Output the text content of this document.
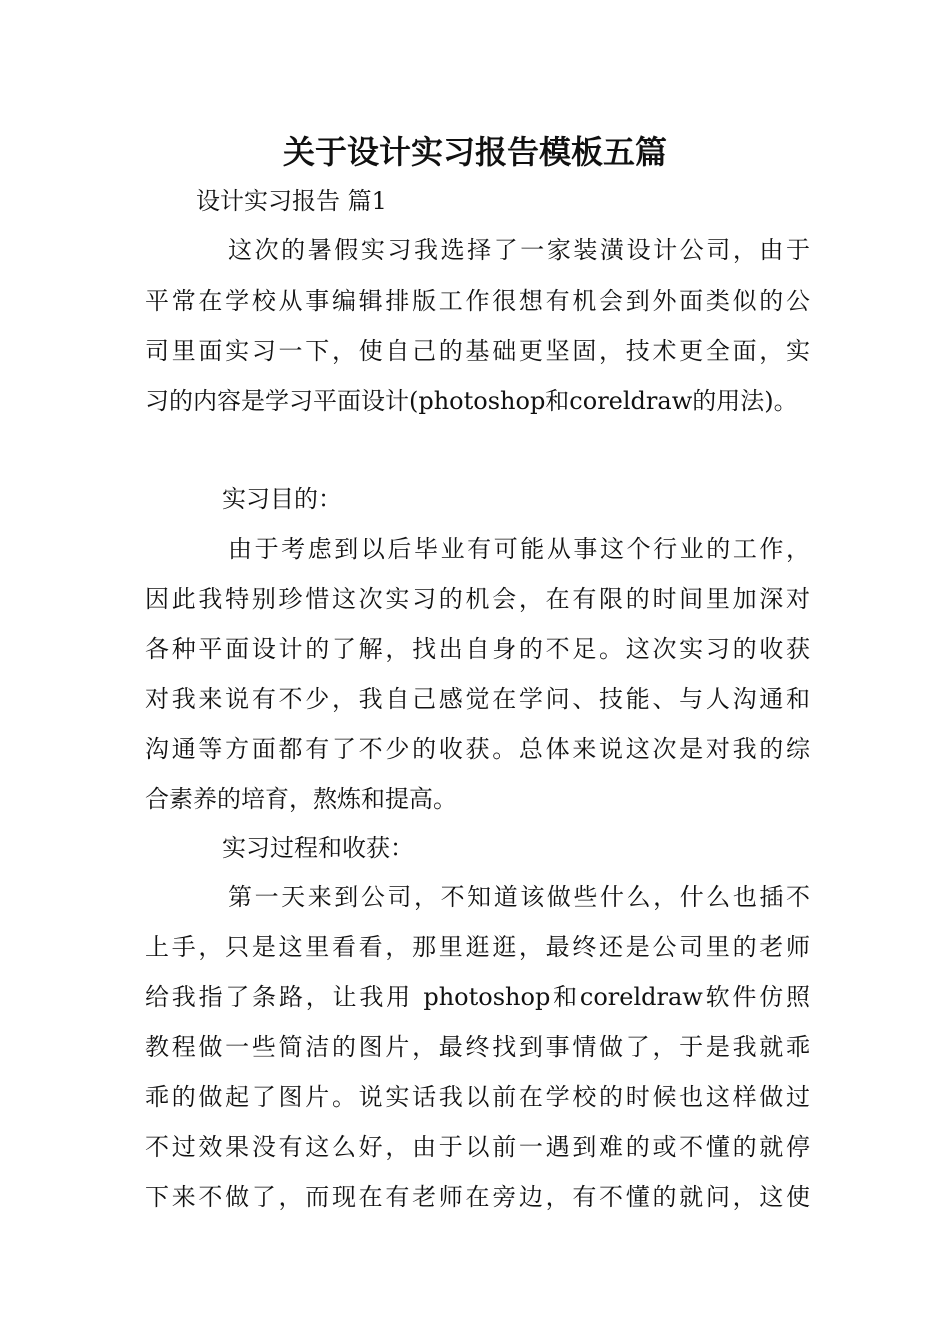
关于设计实习报告模板五篇

设计实习报告 篇1

这次的暑假实习我选择了一家装潢设计公司，由于

平常在学校从事编辑排版工作很想有机会到外面类似的公

司里面实习一下，使自己的基础更坚固，技术更全面，实

习的内容是学习平面设计(photoshop和coreldraw的用法)。

实习目的：

由于考虑到以后毕业有可能从事这个行业的工作，

因此我特别珍惜这次实习的机会，在有限的时间里加深对

各种平面设计的了解，找出自身的不足。这次实习的收获

对我来说有不少，我自己感觉在学问、技能、与人沟通和

沟通等方面都有了不少的收获。总体来说这次是对我的综

合素养的培育，熬炼和提高。

实习过程和收获：

第一天来到公司，不知道该做些什么，什么也插不

上手，只是这里看看，那里逛逛，最终还是公司里的老师

给我指了条路，让我用 photoshop和coreldraw软件仿照

教程做一些简洁的图片，最终找到事情做了，于是我就乖

乖的做起了图片。说实话我以前在学校的时候也这样做过

不过效果没有这么好，由于以前一遇到难的或不懂的就停

下来不做了，而现在有老师在旁边，有不懂的就问，这使
